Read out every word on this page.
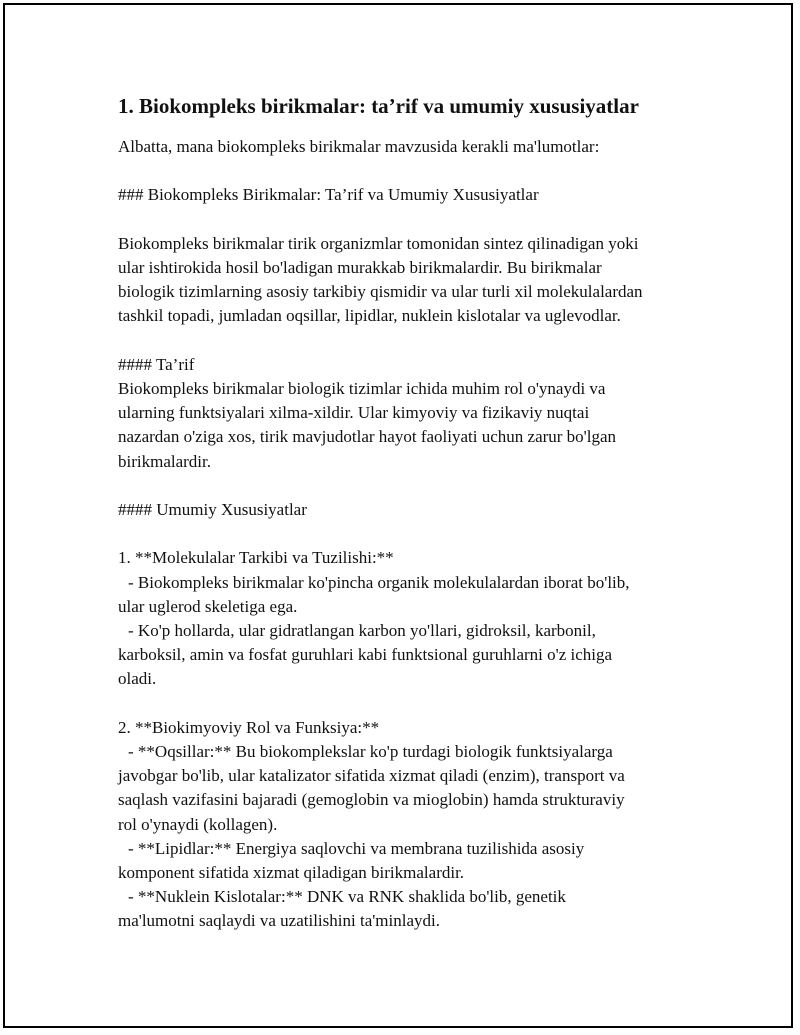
1. Biokompleks birikmalar: ta’rif va umumiy xususiyatlar
Albatta, mana biokompleks birikmalar mavzusida kerakli ma'lumotlar:
### Biokompleks Birikmalar: Ta’rif va Umumiy Xususiyatlar
Biokompleks birikmalar tirik organizmlar tomonidan sintez qilinadigan yoki
ular ishtirokida hosil bo'ladigan murakkab birikmalardir. Bu birikmalar
biologik tizimlarning asosiy tarkibiy qismidir va ular turli xil molekulalardan
tashkil topadi, jumladan oqsillar, lipidlar, nuklein kislotalar va uglevodlar.
#### Ta’rif
Biokompleks birikmalar biologik tizimlar ichida muhim rol o'ynaydi va
ularning funktsiyalari xilma-xildir. Ular kimyoviy va fizikaviy nuqtai
nazardan o'ziga xos, tirik mavjudotlar hayot faoliyati uchun zarur bo'lgan
birikmalardir.
#### Umumiy Xususiyatlar
1. **Molekulalar Tarkibi va Tuzilishi:**
- Biokompleks birikmalar ko'pincha organik molekulalardan iborat bo'lib,
ular uglerod skeletiga ega.
- Ko'p hollarda, ular gidratlangan karbon yo'llari, gidroksil, karbonil,
karboksil, amin va fosfat guruhlari kabi funktsional guruhlarni o'z ichiga
oladi.
2. **Biokimyoviy Rol va Funksiya:**
- **Oqsillar:** Bu biokomplekslar ko'p turdagi biologik funktsiyalarga
javobgar bo'lib, ular katalizator sifatida xizmat qiladi (enzim), transport va
saqlash vazifasini bajaradi (gemoglobin va mioglobin) hamda strukturaviy
rol o'ynaydi (kollagen).
- **Lipidlar:** Energiya saqlovchi va membrana tuzilishida asosiy
komponent sifatida xizmat qiladigan birikmalardir.
- **Nuklein Kislotalar:** DNK va RNK shaklida bo'lib, genetik
ma'lumotni saqlaydi va uzatilishini ta'minlaydi.
